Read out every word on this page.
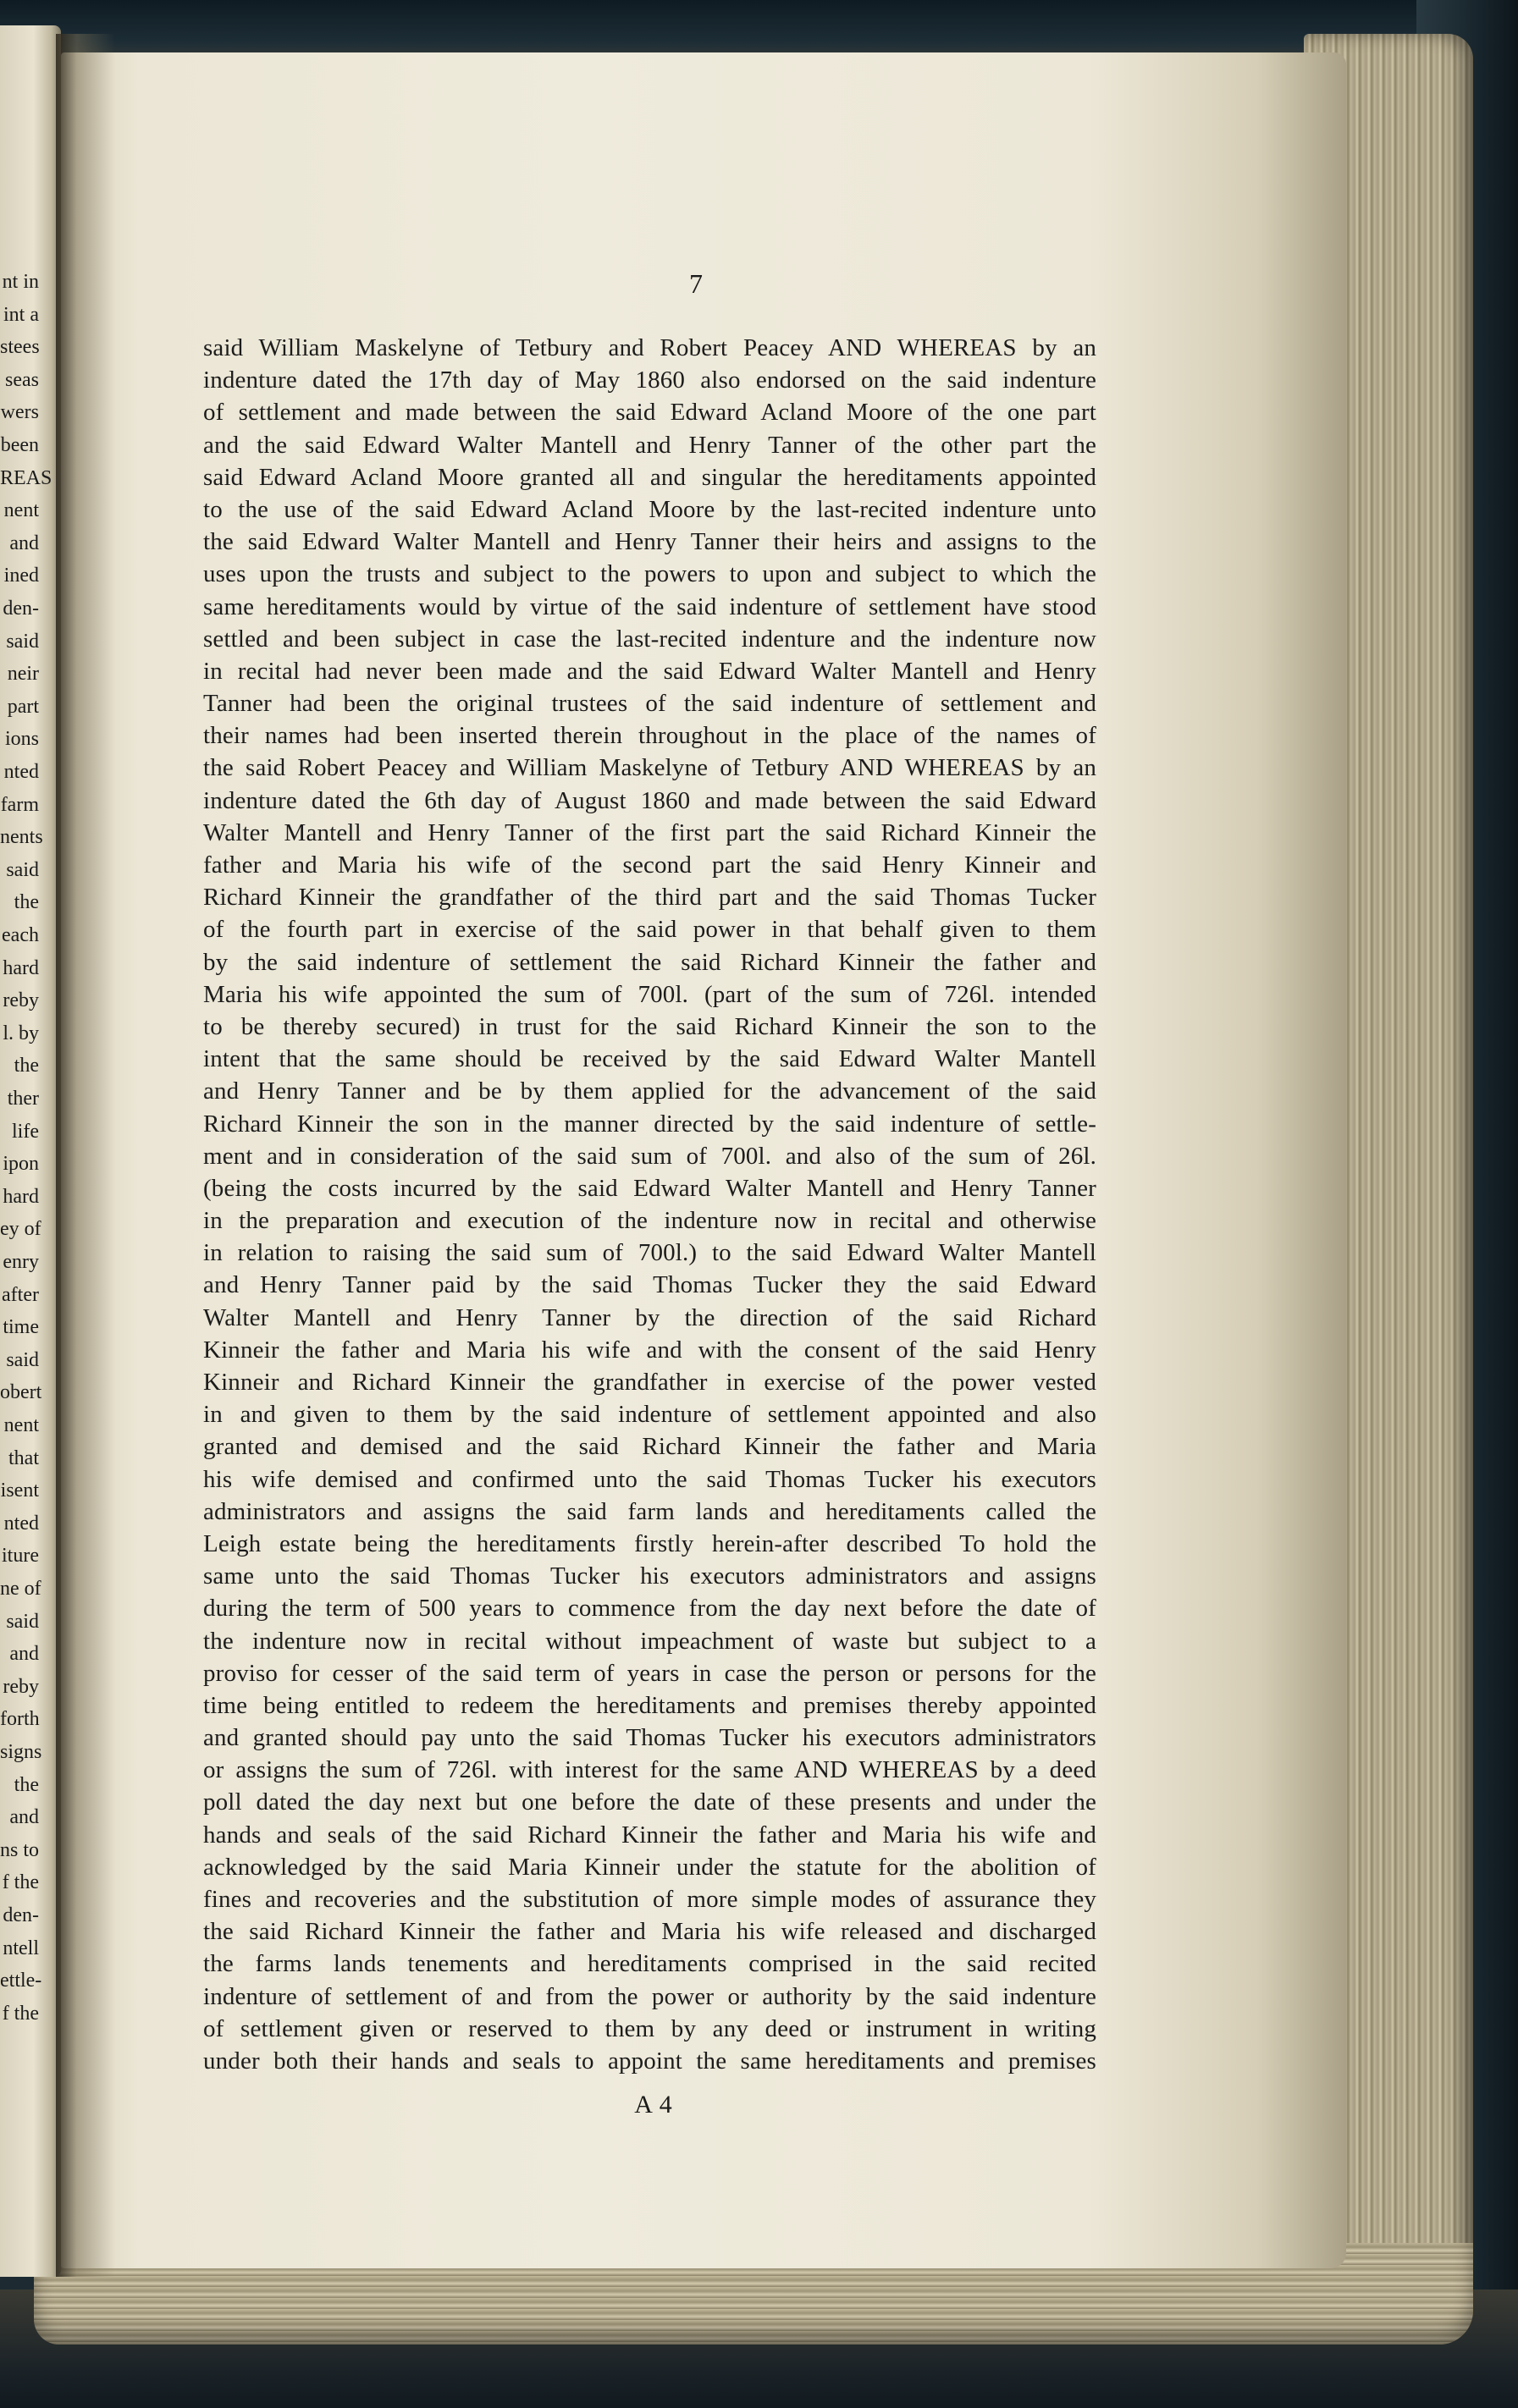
nt in
int a
stees
seas
wers
been
REAS
nent
and
ined
den-
said
neir
part
ions
nted
farm
nents
said
the
each
hard
reby
l. by
the
ther
life
ipon
hard
ey of
enry
after
time
said
obert
nent
that
isent
nted
iture
ne of
said
and
reby
forth
signs
the
and
ns to
f the
den-
ntell
ettle-
f the
7
said William Maskelyne of Tetbury and Robert Peacey AND WHEREAS by an
indenture dated the 17th day of May 1860 also endorsed on the said indenture
of settlement and made between the said Edward Acland Moore of the one part
and the said Edward Walter Mantell and Henry Tanner of the other part the
said Edward Acland Moore granted all and singular the hereditaments appointed
to the use of the said Edward Acland Moore by the last-recited indenture unto
the said Edward Walter Mantell and Henry Tanner their heirs and assigns to the
uses upon the trusts and subject to the powers to upon and subject to which the
same hereditaments would by virtue of the said indenture of settlement have stood
settled and been subject in case the last-recited indenture and the indenture now
in recital had never been made and the said Edward Walter Mantell and Henry
Tanner had been the original trustees of the said indenture of settlement and
their names had been inserted therein throughout in the place of the names of
the said Robert Peacey and William Maskelyne of Tetbury AND WHEREAS by an
indenture dated the 6th day of August 1860 and made between the said Edward
Walter Mantell and Henry Tanner of the first part the said Richard Kinneir the
father and Maria his wife of the second part the said Henry Kinneir and
Richard Kinneir the grandfather of the third part and the said Thomas Tucker
of the fourth part in exercise of the said power in that behalf given to them
by the said indenture of settlement the said Richard Kinneir the father and
Maria his wife appointed the sum of 700l. (part of the sum of 726l. intended
to be thereby secured) in trust for the said Richard Kinneir the son to the
intent that the same should be received by the said Edward Walter Mantell
and Henry Tanner and be by them applied for the advancement of the said
Richard Kinneir the son in the manner directed by the said indenture of settle-
ment and in consideration of the said sum of 700l. and also of the sum of 26l.
(being the costs incurred by the said Edward Walter Mantell and Henry Tanner
in the preparation and execution of the indenture now in recital and otherwise
in relation to raising the said sum of 700l.) to the said Edward Walter Mantell
and Henry Tanner paid by the said Thomas Tucker they the said Edward
Walter Mantell and Henry Tanner by the direction of the said Richard
Kinneir the father and Maria his wife and with the consent of the said Henry
Kinneir and Richard Kinneir the grandfather in exercise of the power vested
in and given to them by the said indenture of settlement appointed and also
granted and demised and the said Richard Kinneir the father and Maria
his wife demised and confirmed unto the said Thomas Tucker his executors
administrators and assigns the said farm lands and hereditaments called the
Leigh estate being the hereditaments firstly herein-after described To hold the
same unto the said Thomas Tucker his executors administrators and assigns
during the term of 500 years to commence from the day next before the date of
the indenture now in recital without impeachment of waste but subject to a
proviso for cesser of the said term of years in case the person or persons for the
time being entitled to redeem the hereditaments and premises thereby appointed
and granted should pay unto the said Thomas Tucker his executors administrators
or assigns the sum of 726l. with interest for the same AND WHEREAS by a deed
poll dated the day next but one before the date of these presents and under the
hands and seals of the said Richard Kinneir the father and Maria his wife and
acknowledged by the said Maria Kinneir under the statute for the abolition of
fines and recoveries and the substitution of more simple modes of assurance they
the said Richard Kinneir the father and Maria his wife released and discharged
the farms lands tenements and hereditaments comprised in the said recited
indenture of settlement of and from the power or authority by the said indenture
of settlement given or reserved to them by any deed or instrument in writing
under both their hands and seals to appoint the same hereditaments and premises
A 4
